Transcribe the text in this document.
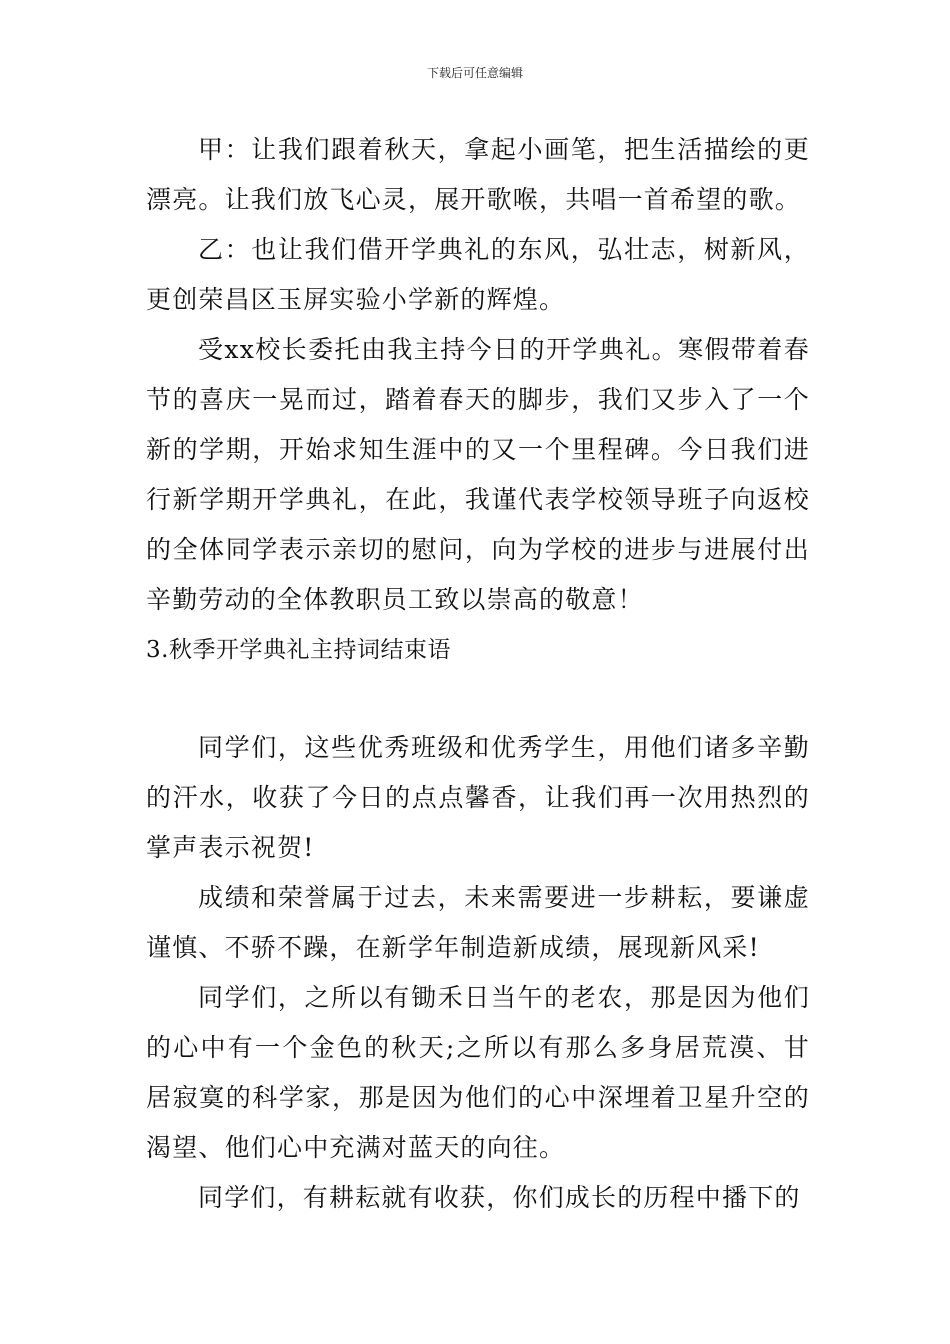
下载后可任意编辑

甲：让我们跟着秋天，拿起小画笔，把生活描绘的更漂亮。让我们放飞心灵，展开歌喉，共唱一首希望的歌。

乙：也让我们借开学典礼的东风，弘壮志，树新风，更创荣昌区玉屏实验小学新的辉煌。

受xx校长委托由我主持今日的开学典礼。寒假带着春节的喜庆一晃而过，踏着春天的脚步，我们又步入了一个新的学期，开始求知生涯中的又一个里程碑。今日我们进行新学期开学典礼，在此，我谨代表学校领导班子向返校的全体同学表示亲切的慰问，向为学校的进步与进展付出辛勤劳动的全体教职员工致以崇高的敬意！

3.秋季开学典礼主持词结束语

同学们，这些优秀班级和优秀学生，用他们诸多辛勤的汗水，收获了今日的点点馨香，让我们再一次用热烈的掌声表示祝贺!

成绩和荣誉属于过去，未来需要进一步耕耘，要谦虚谨慎、不骄不躁，在新学年制造新成绩，展现新风采!

同学们，之所以有锄禾日当午的老农，那是因为他们的心中有一个金色的秋天;之所以有那么多身居荒漠、甘居寂寞的科学家，那是因为他们的心中深埋着卫星升空的渴望、他们心中充满对蓝天的向往。

同学们，有耕耘就有收获，你们成长的历程中播下的
